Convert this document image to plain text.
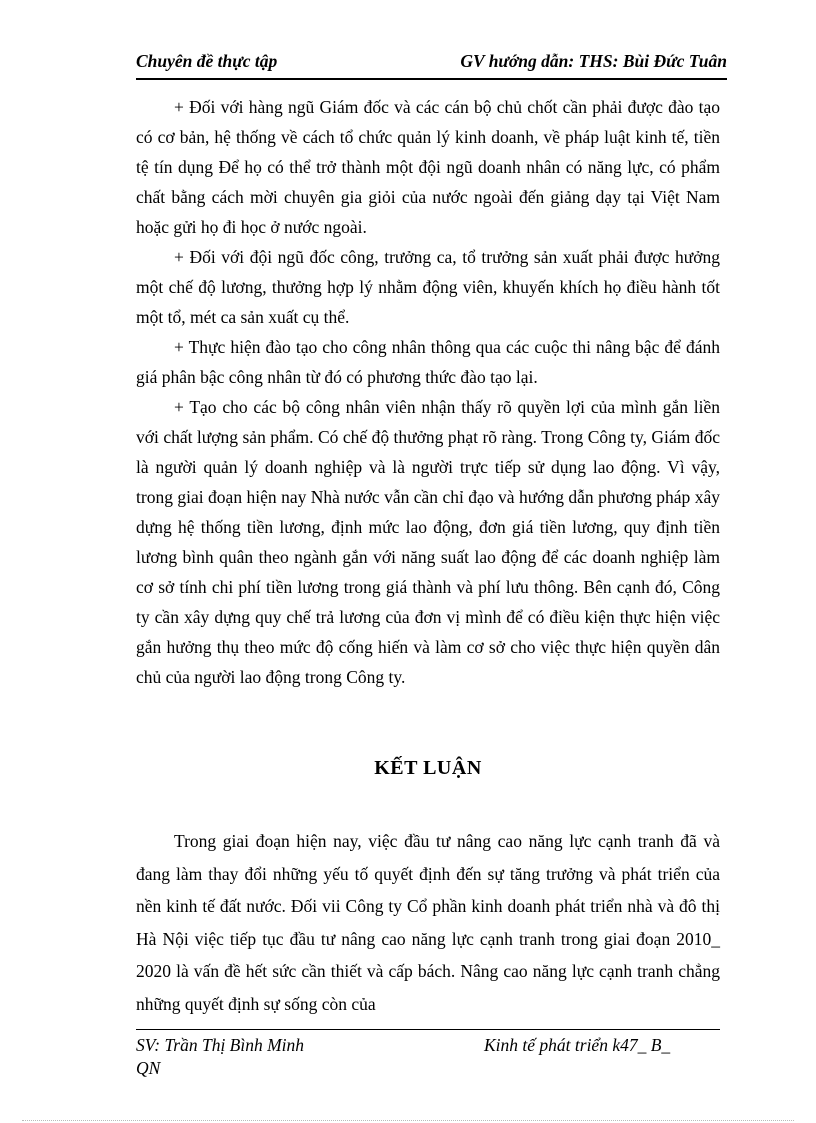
Chuyên đề thực tập	GV hướng dẫn: THS: Bùi Đức Tuân

+ Đối với hàng ngũ Giám đốc và các cán bộ chủ chốt cần phải được đào tạo có cơ bản, hệ thống về cách tổ chức quản lý kinh doanh, về pháp luật kinh tế, tiền tệ tín dụng Để họ có thể trở thành một đội ngũ doanh nhân có năng lực, có phẩm chất bằng cách mời chuyên gia giỏi của nước ngoài đến giảng dạy tại Việt Nam hoặc gửi họ đi học ở nước ngoài.

+ Đối với đội ngũ đốc công, trưởng ca, tổ trưởng sản xuất phải được hưởng một chế độ lương, thưởng hợp lý nhằm động viên, khuyến khích họ điều hành tốt một tổ, mét ca sản xuất cụ thể.

+ Thực hiện đào tạo cho công nhân thông qua các cuộc thi nâng bậc để đánh giá phân bậc công nhân từ đó có phương thức đào tạo lại.

+ Tạo cho các bộ công nhân viên nhận thấy rõ quyền lợi của mình gắn liền với chất lượng sản phẩm. Có chế độ thưởng phạt rõ ràng. Trong Công ty, Giám đốc là người quản lý doanh nghiệp và là người trực tiếp sử dụng lao động. Vì vậy, trong giai đoạn hiện nay Nhà nước vẫn cần chỉ đạo và hướng dẫn phương pháp xây dựng hệ thống tiền lương, định mức lao động, đơn giá tiền lương, quy định tiền lương bình quân theo ngành gắn với năng suất lao động để các doanh nghiệp làm cơ sở tính chi phí tiền lương trong giá thành và phí lưu thông. Bên cạnh đó, Công ty cần xây dựng quy chế trả lương của đơn vị mình để có điều kiện thực hiện việc gắn hưởng thụ theo mức độ cống hiến và làm cơ sở cho việc thực hiện quyền dân chủ của người lao động trong Công ty.

KẾT LUẬN

Trong giai đoạn hiện nay, việc đầu tư nâng cao năng lực cạnh tranh đã và đang làm thay đổi những yếu tố quyết định đến sự tăng trưởng và phát triển của nền kinh tế đất nước. Đối vii Công ty Cổ phần kinh doanh phát triển nhà và đô thị Hà Nội việc tiếp tục đầu tư nâng cao năng lực cạnh tranh trong giai đoạn 2010_ 2020 là vấn đề hết sức cần thiết và cấp bách. Nâng cao năng lực cạnh tranh chẳng những quyết định sự sống còn của

SV: Trần Thị Bình Minh	Kinh tế phát triển k47_ B_
QN
